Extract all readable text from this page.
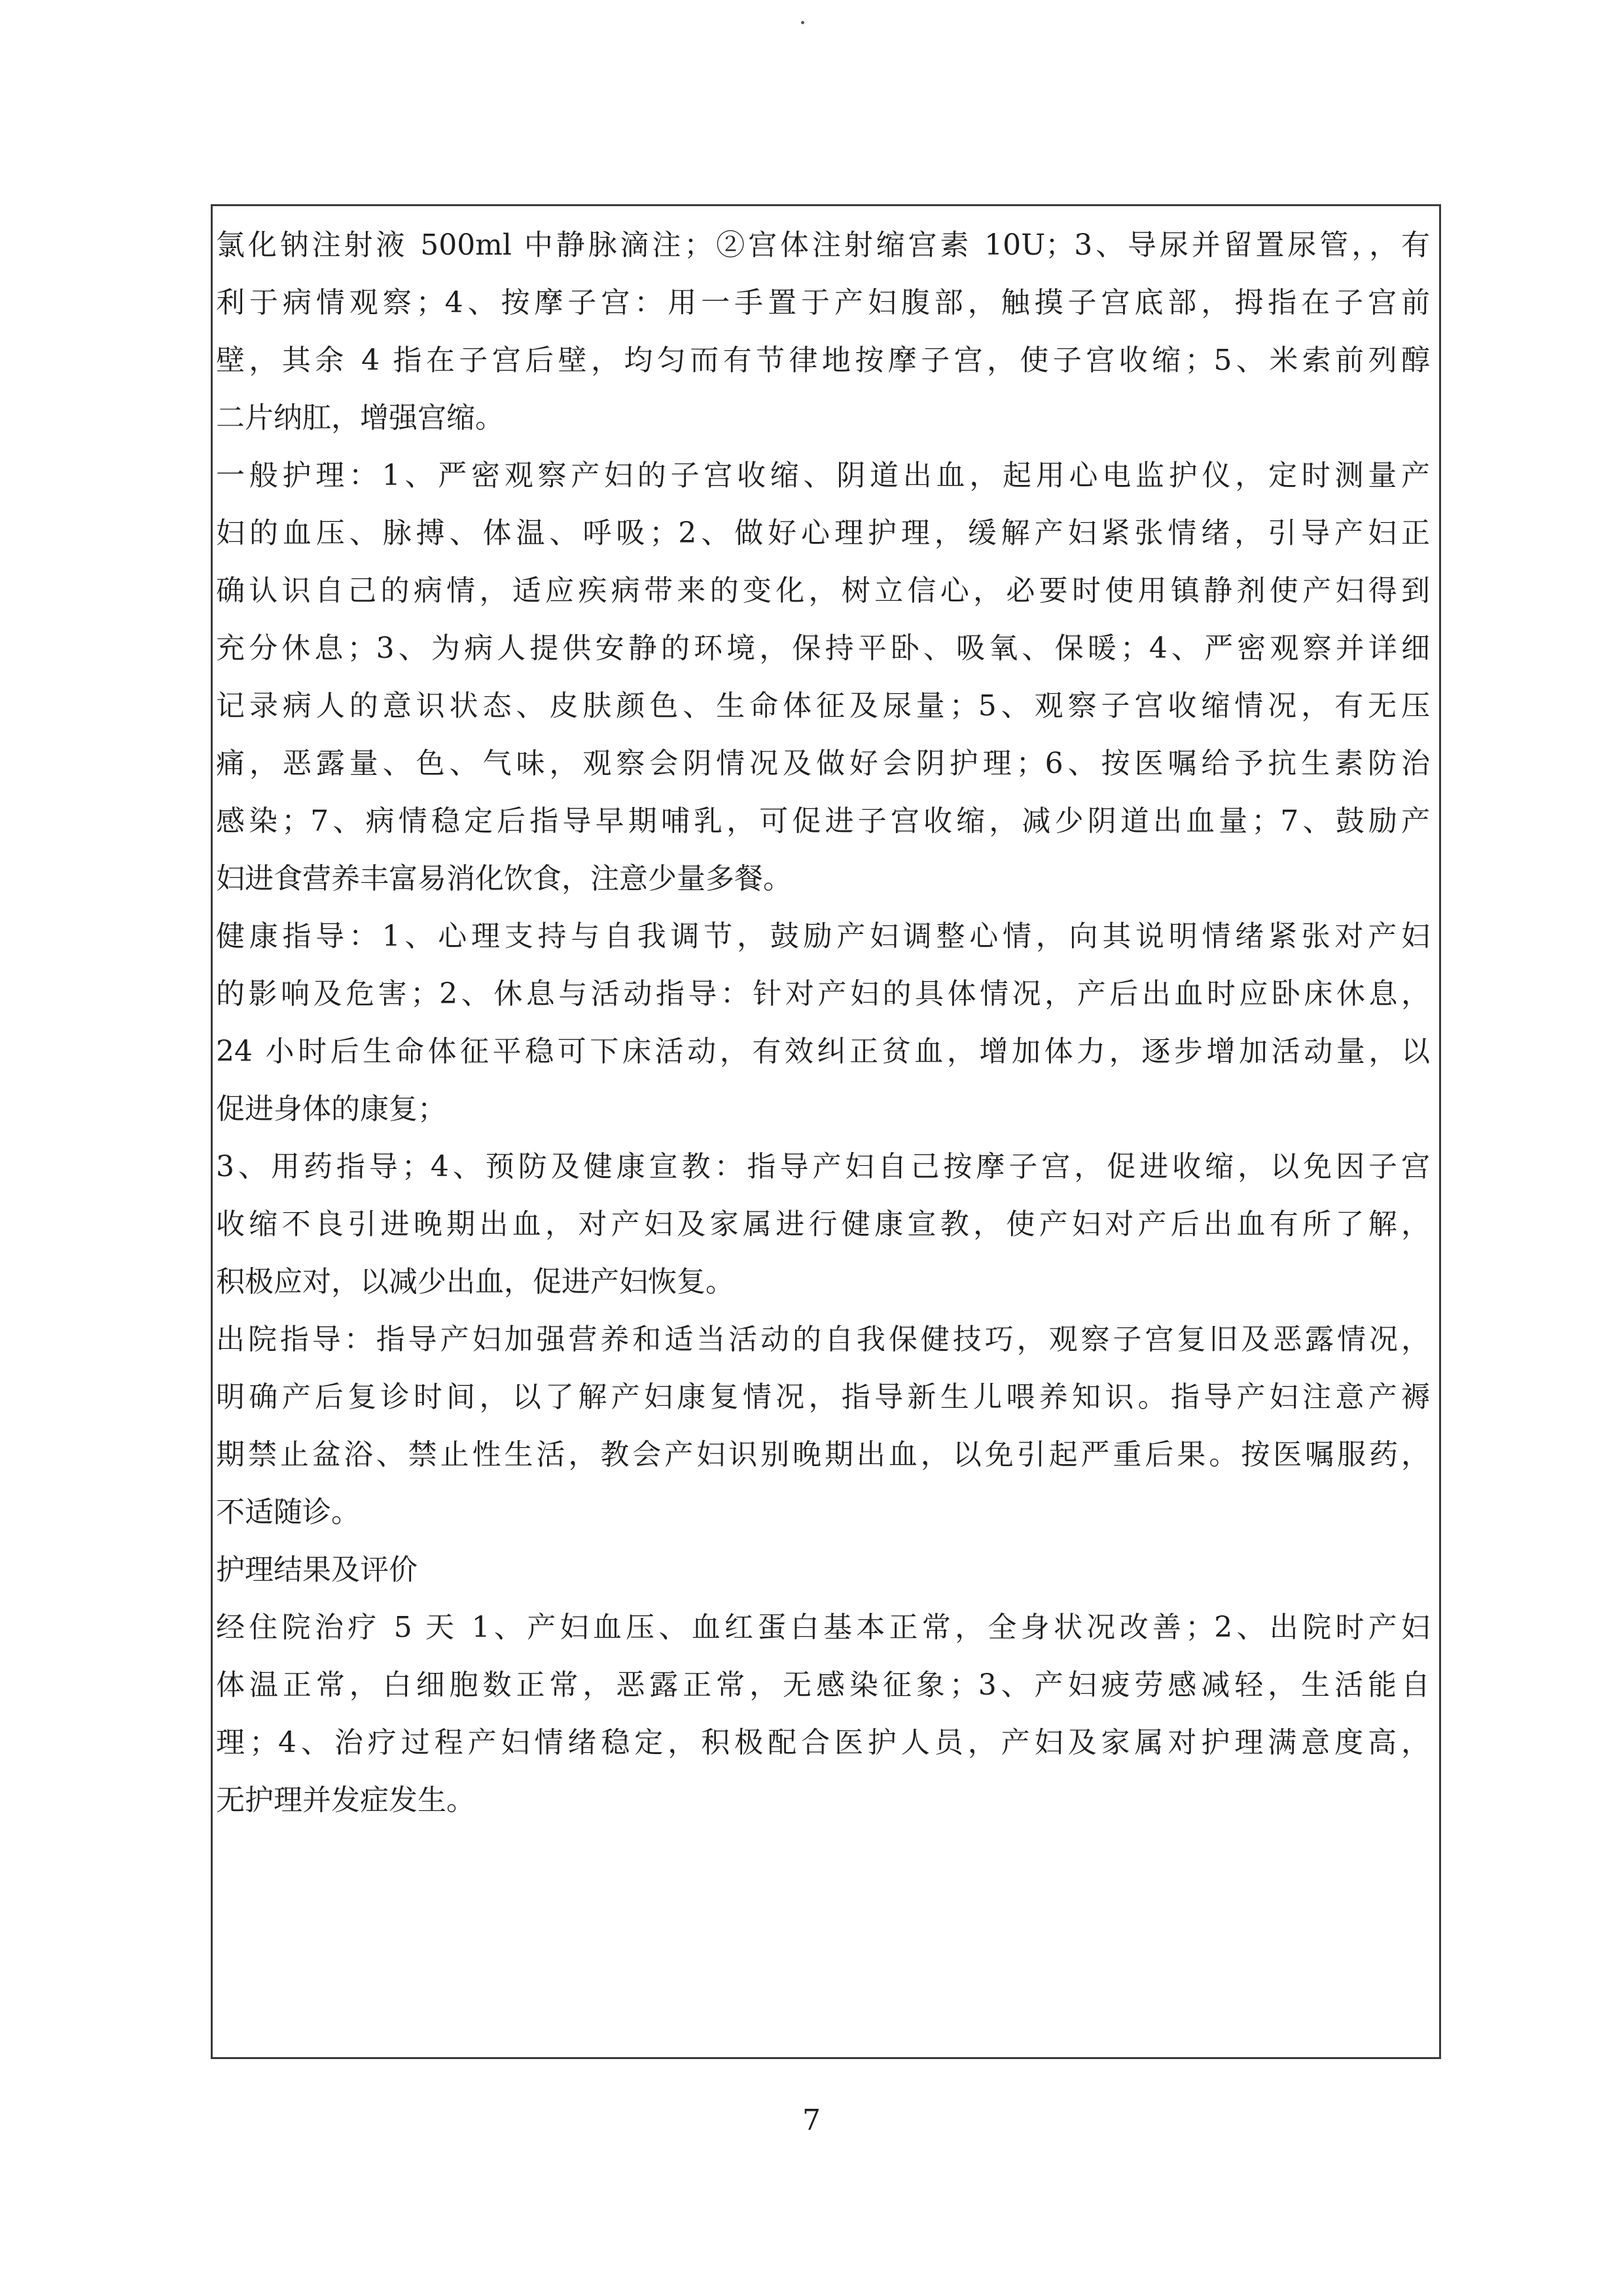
氯化钠注射液 500ml 中静脉滴注；②宫体注射缩宫素 10U；3、导尿并留置尿管，，有
利于病情观察；4、按摩子宫：用一手置于产妇腹部，触摸子宫底部，拇指在子宫前
壁，其余 4 指在子宫后壁，均匀而有节律地按摩子宫，使子宫收缩；5、米索前列醇
二片纳肛，增强宫缩。
一般护理：1、严密观察产妇的子宫收缩、阴道出血，起用心电监护仪，定时测量产
妇的血压、脉搏、体温、呼吸；2、做好心理护理，缓解产妇紧张情绪，引导产妇正
确认识自己的病情，适应疾病带来的变化，树立信心，必要时使用镇静剂使产妇得到
充分休息；3、为病人提供安静的环境，保持平卧、吸氧、保暖；4、严密观察并详细
记录病人的意识状态、皮肤颜色、生命体征及尿量；5、观察子宫收缩情况，有无压
痛，恶露量、色、气味，观察会阴情况及做好会阴护理；6、按医嘱给予抗生素防治
感染；7、病情稳定后指导早期哺乳，可促进子宫收缩，减少阴道出血量；7、鼓励产
妇进食营养丰富易消化饮食，注意少量多餐。
健康指导：1、心理支持与自我调节，鼓励产妇调整心情，向其说明情绪紧张对产妇
的影响及危害；2、休息与活动指导：针对产妇的具体情况，产后出血时应卧床休息，
24 小时后生命体征平稳可下床活动，有效纠正贫血，增加体力，逐步增加活动量，以
促进身体的康复；
3、用药指导；4、预防及健康宣教：指导产妇自己按摩子宫，促进收缩，以免因子宫
收缩不良引进晚期出血，对产妇及家属进行健康宣教，使产妇对产后出血有所了解，
积极应对，以减少出血，促进产妇恢复。
出院指导：指导产妇加强营养和适当活动的自我保健技巧，观察子宫复旧及恶露情况，
明确产后复诊时间，以了解产妇康复情况，指导新生儿喂养知识。指导产妇注意产褥
期禁止盆浴、禁止性生活，教会产妇识别晚期出血，以免引起严重后果。按医嘱服药，
不适随诊。
护理结果及评价
经住院治疗 5 天 1、产妇血压、血红蛋白基本正常，全身状况改善；2、出院时产妇
体温正常，白细胞数正常，恶露正常，无感染征象；3、产妇疲劳感减轻，生活能自
理；4、治疗过程产妇情绪稳定，积极配合医护人员，产妇及家属对护理满意度高，
无护理并发症发生。
7
